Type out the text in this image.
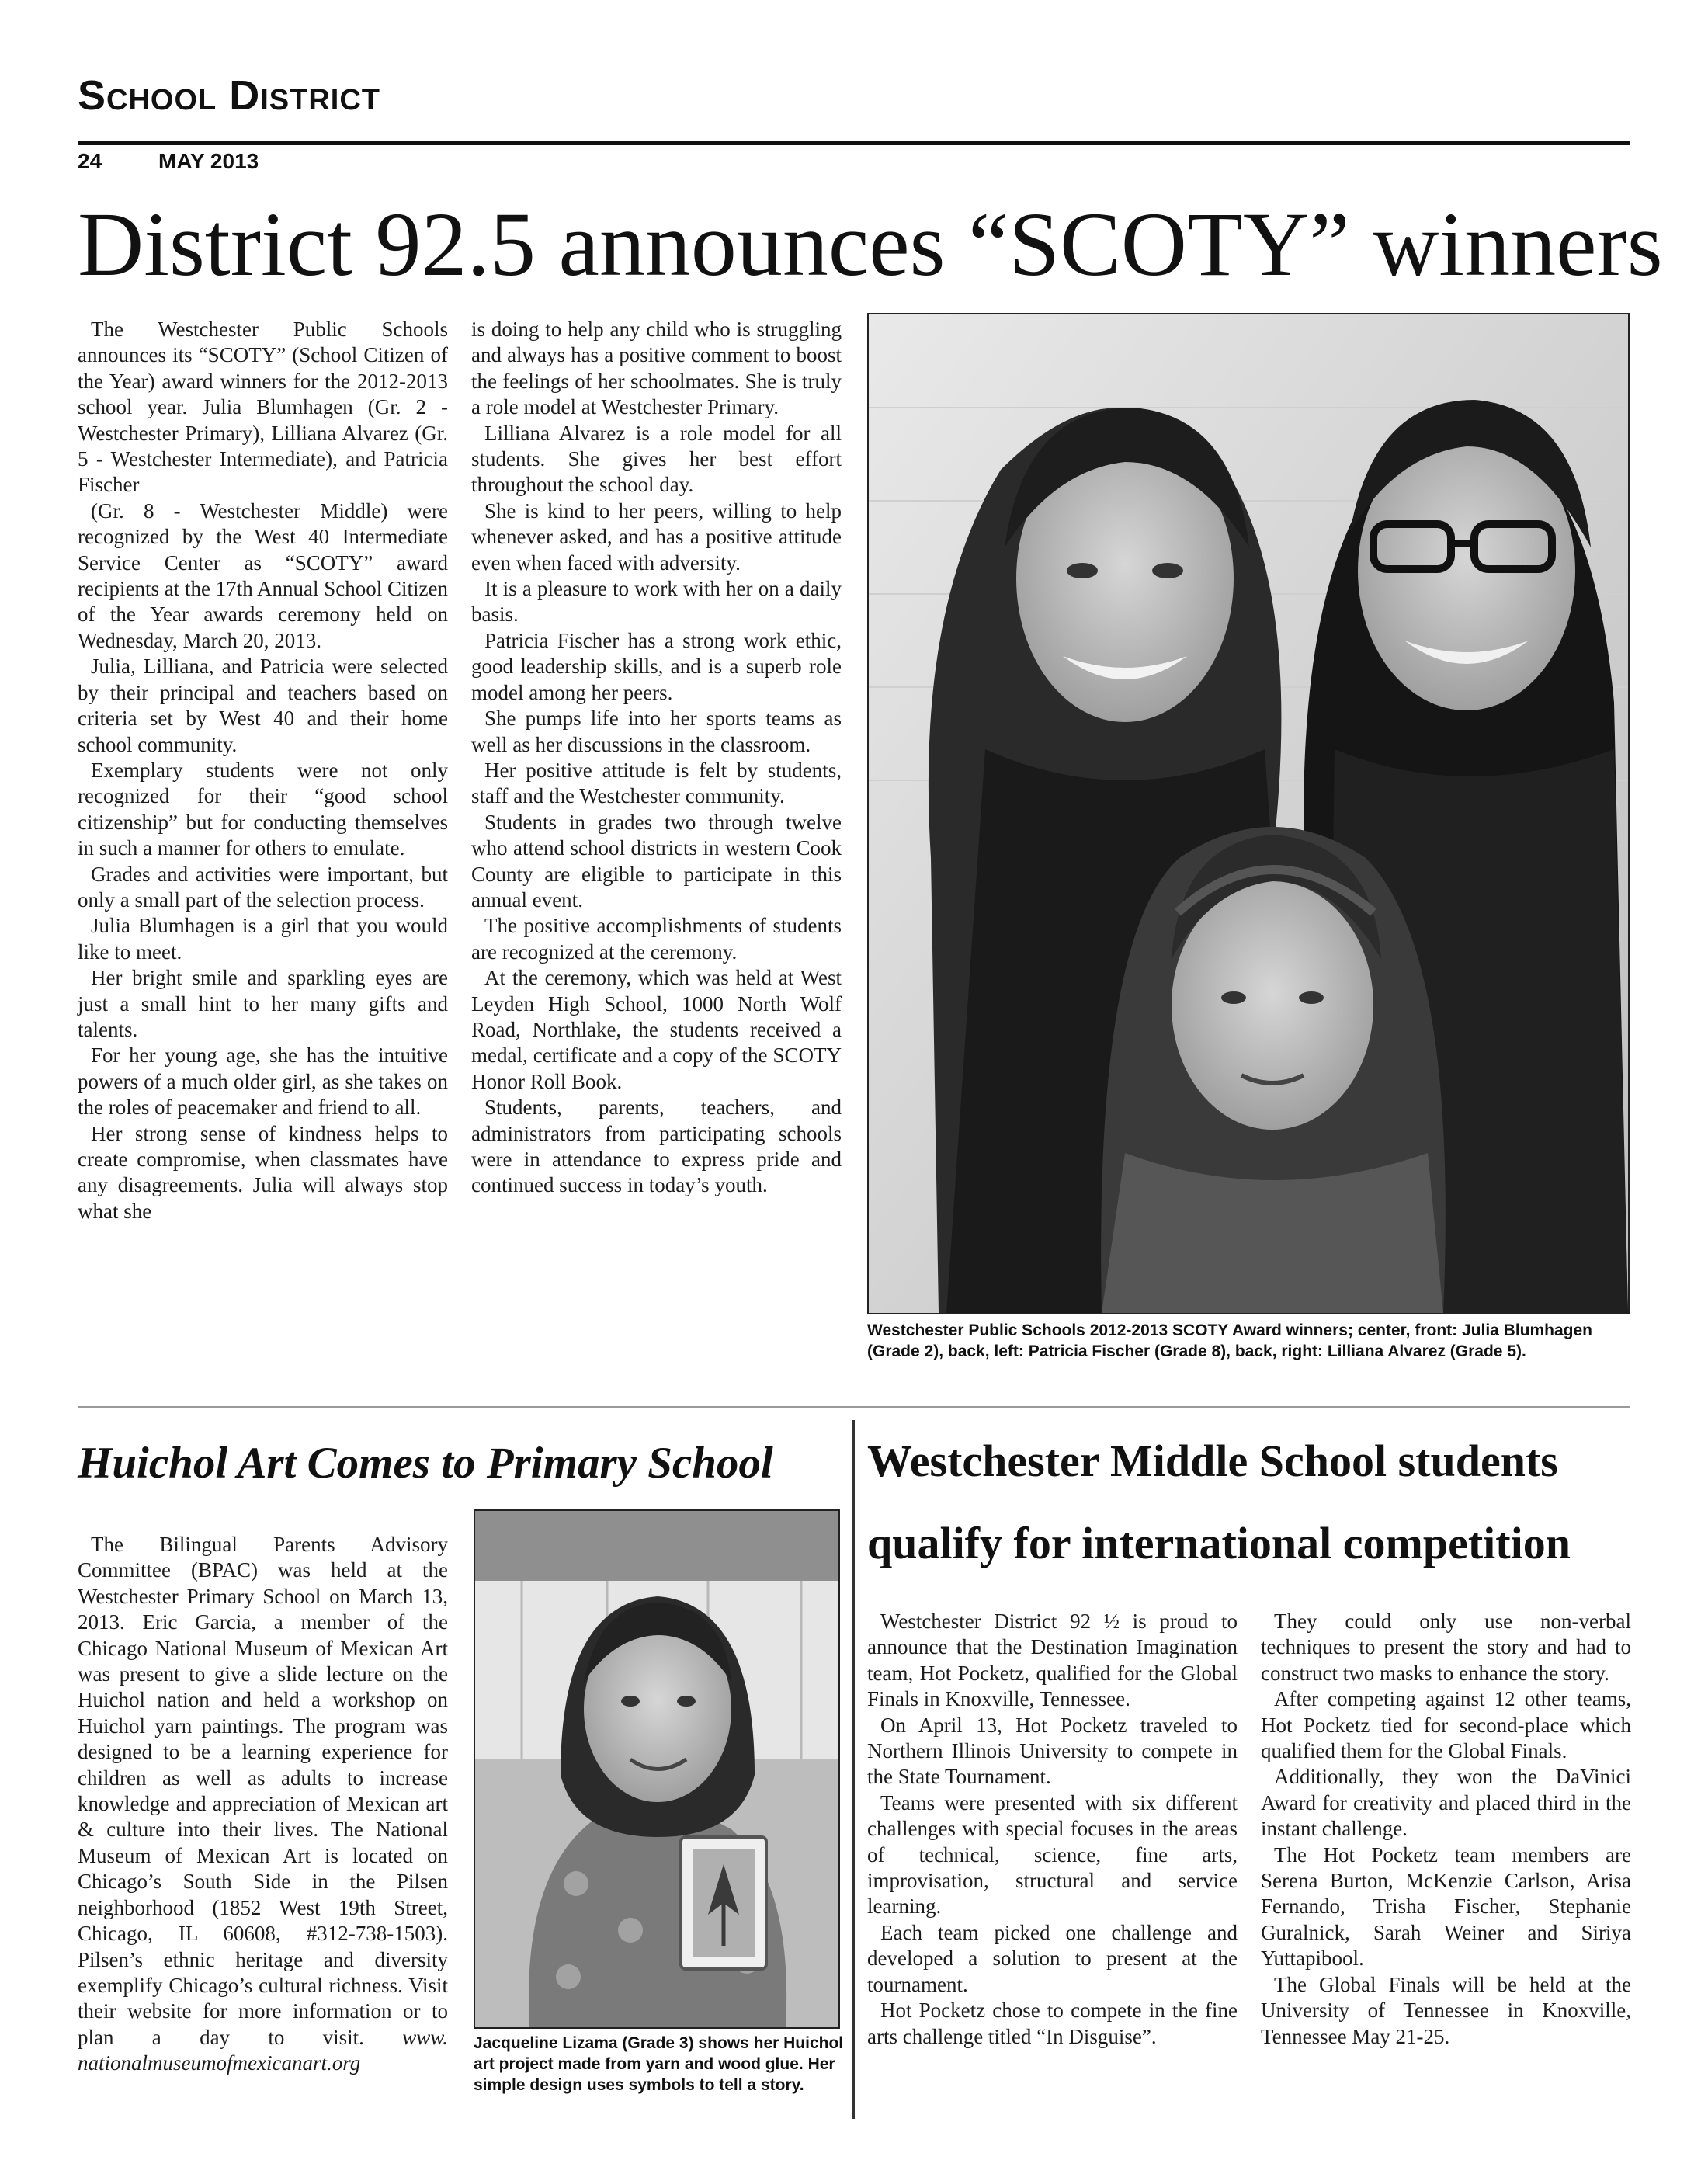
School District
24	MAY 2013
District 92.5 announces “SCOTY” winners

The Westchester Public Schools announces its “SCOTY” (School Citizen of the Year) award winners for the 2012-2013 school year. Julia Blumhagen (Gr. 2 - Westchester Primary), Lilliana Alvarez (Gr. 5 - Westchester Intermediate), and Patricia Fischer

(Gr. 8 - Westchester Middle) were recognized by the West 40 Intermediate Service Center as “SCOTY” award recipients at the 17th Annual School Citizen of the Year awards ceremony held on Wednesday, March 20, 2013.

Julia, Lilliana, and Patricia were selected by their principal and teachers based on criteria set by West 40 and their home school community.

Exemplary students were not only recognized for their “good school citizenship” but for conducting themselves in such a manner for others to emulate.

Grades and activities were important, but only a small part of the selection process.

Julia Blumhagen is a girl that you would like to meet.

Her bright smile and sparkling eyes are just a small hint to her many gifts and talents.

For her young age, she has the intuitive powers of a much older girl, as she takes on the roles of peacemaker and friend to all.

Her strong sense of kindness helps to create compromise, when classmates have any disagreements. Julia will always stop what she

is doing to help any child who is struggling and always has a positive comment to boost the feelings of her schoolmates. She is truly a role model at Westchester Primary.

Lilliana Alvarez is a role model for all students. She gives her best effort throughout the school day.

She is kind to her peers, willing to help whenever asked, and has a positive attitude even when faced with adversity.

It is a pleasure to work with her on a daily basis.

Patricia Fischer has a strong work ethic, good leadership skills, and is a superb role model among her peers.

She pumps life into her sports teams as well as her discussions in the classroom.

Her positive attitude is felt by students, staff and the Westchester community.

Students in grades two through twelve who attend school districts in western Cook County are eligible to participate in this annual event.

The positive accomplishments of students are recognized at the ceremony.

At the ceremony, which was held at West Leyden High School, 1000 North Wolf Road, Northlake, the students received a medal, certificate and a copy of the SCOTY Honor Roll Book.

Students, parents, teachers, and administrators from participating schools were in attendance to express pride and continued success in today’s youth.

Westchester Public Schools 2012-2013 SCOTY Award winners; center, front: Julia Blumhagen (Grade 2), back, left: Patricia Fischer (Grade 8), back, right: Lilliana Alvarez (Grade 5).
Huichol Art Comes to Primary School

The Bilingual Parents Advisory Committee (BPAC) was held at the Westchester Primary School on March 13, 2013. Eric Garcia, a member of the Chicago National Museum of Mexican Art was present to give a slide lecture on the Huichol nation and held a workshop on Huichol yarn paintings. The program was designed to be a learning experience for children as well as adults to increase knowledge and appreciation of Mexican art & culture into their lives. The National Museum of Mexican Art is located on Chicago’s South Side in the Pilsen neighborhood (1852 West 19th Street, Chicago, IL 60608, #312-738-1503). Pilsen’s ethnic heritage and diversity exemplify Chicago’s cultural richness. Visit their website for more information or to plan a day to visit. www. nationalmuseumofmexicanart.org

Jacqueline Lizama (Grade 3) shows her Huichol art project made from yarn and wood glue. Her simple design uses symbols to tell a story.
Westchester Middle School students
qualify for international competition

Westchester District 92 ½ is proud to announce that the Destination Imagination team, Hot Pocketz, qualified for the Global Finals in Knoxville, Tennessee.

On April 13, Hot Pocketz traveled to Northern Illinois University to compete in the State Tournament.

Teams were presented with six different challenges with special focuses in the areas of technical, science, fine arts, improvisation, structural and service learning.

Each team picked one challenge and developed a solution to present at the tournament.

Hot Pocketz chose to compete in the fine arts challenge titled “In Disguise”.

They could only use non-verbal techniques to present the story and had to construct two masks to enhance the story.

After competing against 12 other teams, Hot Pocketz tied for second-place which qualified them for the Global Finals.

Additionally, they won the DaVinici Award for creativity and placed third in the instant challenge.

The Hot Pocketz team members are Serena Burton, McKenzie Carlson, Arisa Fernando, Trisha Fischer, Stephanie Guralnick, Sarah Weiner and Siriya Yuttapibool.

The Global Finals will be held at the University of Tennessee in Knoxville, Tennessee May 21-25.
